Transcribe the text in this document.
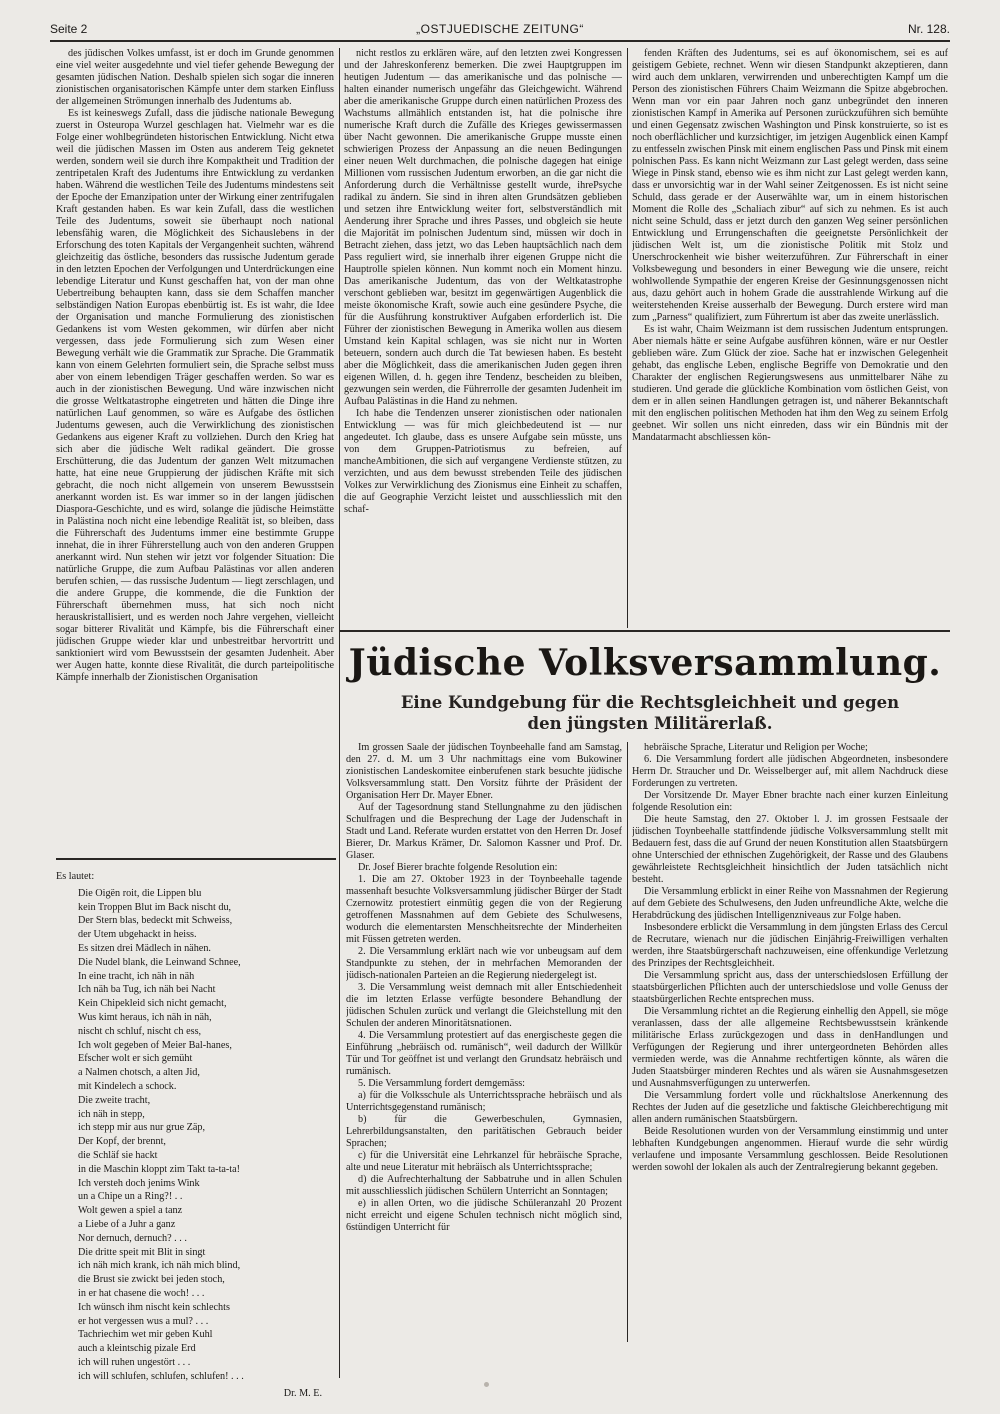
Seite 2	„OSTJUEDISCHE ZEITUNG“	Nr. 128.

des jüdischen Volkes umfasst, ist er doch im Grunde genommen eine viel weiter ausgedehnte und viel tiefer gehende Bewegung der gesamten jüdischen Nation. Deshalb spielen sich sogar die inneren zionistischen organisatorischen Kämpfe unter dem starken Einfluss der allgemeinen Strömungen innerhalb des Judentums ab.

Es ist keineswegs Zufall, dass die jüdische nationale Bewegung zuerst in Osteuropa Wurzel geschlagen hat. Vielmehr war es die Folge einer wohlbegründeten historischen Entwicklung. Nicht etwa weil die jüdischen Massen im Osten aus anderem Teig geknetet werden, sondern weil sie durch ihre Kompaktheit und Tradition der zentripetalen Kraft des Judentums ihre Entwicklung zu verdanken haben. Während die westlichen Teile des Judentums mindestens seit der Epoche der Emanzipation unter der Wirkung einer zentrifugalen Kraft gestanden haben. Es war kein Zufall, dass die westlichen Teile des Judentums, soweit sie überhaupt noch national lebensfähig waren, die Möglichkeit des Sichauslebens in der Erforschung des toten Kapitals der Vergangenheit suchten, während gleichzeitig das östliche, besonders das russische Judentum gerade in den letzten Epochen der Verfolgungen und Unterdrückungen eine lebendige Literatur und Kunst geschaffen hat, von der man ohne Uebertreibung behaupten kann, dass sie dem Schaffen mancher selbständigen Nation Europas ebenbürtig ist. Es ist wahr, die Idee der Organisation und manche Formulierung des zionistischen Gedankens ist vom Westen gekommen, wir dürfen aber nicht vergessen, dass jede Formulierung sich zum Wesen einer Bewegung verhält wie die Grammatik zur Sprache. Die Grammatik kann von einem Gelehrten formuliert sein, die Sprache selbst muss aber von einem lebendigen Träger geschaffen werden. So war es auch in der zionistischen Bewegung. Und wäre inzwischen nicht die grosse Weltkatastrophe eingetreten und hätten die Dinge ihre natürlichen Lauf genommen, so wäre es Aufgabe des östlichen Judentums gewesen, auch die Verwirklichung des zionistischen Gedankens aus eigener Kraft zu vollziehen. Durch den Krieg hat sich aber die jüdische Welt radikal geändert. Die grosse Erschütterung, die das Judentum der ganzen Welt mitzumachen hatte, hat eine neue Gruppierung der jüdischen Kräfte mit sich gebracht, die noch nicht allgemein von unserem Bewusstsein anerkannt worden ist. Es war immer so in der langen jüdischen Diaspora-Geschichte, und es wird, solange die jüdische Heimstätte in Palästina noch nicht eine lebendige Realität ist, so bleiben, dass die Führerschaft des Judentums immer eine bestimmte Gruppe innehat, die in ihrer Führerstellung auch von den anderen Gruppen anerkannt wird. Nun stehen wir jetzt vor folgender Situation: Die natürliche Gruppe, die zum Aufbau Palästinas vor allen anderen berufen schien, — das russische Judentum — liegt zerschlagen, und die andere Gruppe, die kommende, die die Funktion der Führerschaft übernehmen muss, hat sich noch nicht herauskristallisiert, und es werden noch Jahre vergehen, vielleicht sogar bitterer Rivalität und Kämpfe, bis die Führerschaft einer jüdischen Gruppe wieder klar und unbestreitbar hervortritt und sanktioniert wird vom Bewusstsein der gesamten Judenheit. Aber wer Augen hatte, konnte diese Rivalität, die durch parteipolitische Kämpfe innerhalb der Zionistischen Organisation

nicht restlos zu erklären wäre, auf den letzten zwei Kongressen und der Jahreskonferenz bemerken. Die zwei Hauptgruppen im heutigen Judentum — das amerikanische und das polnische — halten einander numerisch ungefähr das Gleichgewicht. Während aber die amerikanische Gruppe durch einen natürlichen Prozess des Wachstums allmählich entstanden ist, hat die polnische ihre numerische Kraft durch die Zufälle des Krieges gewissermassen über Nacht gewonnen. Die amerikanische Gruppe musste einen schwierigen Prozess der Anpassung an die neuen Bedingungen einer neuen Welt durchmachen, die polnische dagegen hat einige Millionen vom russischen Judentum erworben, an die gar nicht die Anforderung durch die Verhältnisse gestellt wurde, ihrePsyche radikal zu ändern. Sie sind in ihren alten Grundsätzen geblieben und setzen ihre Entwicklung weiter fort, selbstverständlich mit Aenderung ihrer Sprache und ihres Passes, und obgleich sie heute die Majorität im polnischen Judentum sind, müssen wir doch in Betracht ziehen, dass jetzt, wo das Leben hauptsächlich nach dem Pass reguliert wird, sie innerhalb ihrer eigenen Gruppe nicht die Hauptrolle spielen können. Nun kommt noch ein Moment hinzu. Das amerikanische Judentum, das von der Weltkatastrophe verschont geblieben war, besitzt im gegenwärtigen Augenblick die meiste ökonomische Kraft, sowie auch eine gesündere Psyche, die für die Ausführung konstruktiver Aufgaben erforderlich ist. Die Führer der zionistischen Bewegung in Amerika wollen aus diesem Umstand kein Kapital schlagen, was sie nicht nur in Worten beteuern, sondern auch durch die Tat bewiesen haben. Es besteht aber die Möglichkeit, dass die amerikanischen Juden gegen ihren eigenen Willen, d. h. gegen ihre Tendenz, bescheiden zu bleiben, gezwungen sein werden, die Führerrolle der gesamten Judenheit im Aufbau Palästinas in die Hand zu nehmen.

Ich habe die Tendenzen unserer zionistischen oder nationalen Entwicklung — was für mich gleichbedeutend ist — nur angedeutet. Ich glaube, dass es unsere Aufgabe sein müsste, uns von dem Gruppen-Patriotismus zu befreien, auf mancheAmbitionen, die sich auf vergangene Verdienste stützen, zu verzichten, und aus dem bewusst strebenden Teile des jüdischen Volkes zur Verwirklichung des Zionismus eine Einheit zu schaffen, die auf Geographie Verzicht leistet und ausschliesslich mit den schaf-

fenden Kräften des Judentums, sei es auf ökonomischem, sei es auf geistigem Gebiete, rechnet. Wenn wir diesen Standpunkt akzeptieren, dann wird auch dem unklaren, verwirrenden und unberechtigten Kampf um die Person des zionistischen Führers Chaim Weizmann die Spitze abgebrochen. Wenn man vor ein paar Jahren noch ganz unbegründet den inneren zionistischen Kampf in Amerika auf Personen zurückzuführen sich bemühte und einen Gegensatz zwischen Washington und Pinsk konstruierte, so ist es noch oberflächlicher und kurzsichtiger, im jetzigen Augenblick einen Kampf zu entfesseln zwischen Pinsk mit einem englischen Pass und Pinsk mit einem polnischen Pass. Es kann nicht Weizmann zur Last gelegt werden, dass seine Wiege in Pinsk stand, ebenso wie es ihm nicht zur Last gelegt werden kann, dass er unvorsichtig war in der Wahl seiner Zeitgenossen. Es ist nicht seine Schuld, dass gerade er der Auserwählte war, um in einem historischen Moment die Rolle des „Schaliach zibur“ auf sich zu nehmen. Es ist auch nicht seine Schuld, dass er jetzt durch den ganzen Weg seiner persönlichen Entwicklung und Errungenschaften die geeignetste Persönlichkeit der jüdischen Welt ist, um die zionistische Politik mit Stolz und Unerschrockenheit wie bisher weiterzuführen. Zur Führerschaft in einer Volksbewegung und besonders in einer Bewegung wie die unsere, reicht wohlwollende Sympathie der engeren Kreise der Gesinnungsgenossen nicht aus, dazu gehört auch in hohem Grade die ausstrahlende Wirkung auf die weiterstehenden Kreise ausserhalb der Bewegung. Durch erstere wird man zum „Parness“ qualifiziert, zum Führertum ist aber das zweite unerlässlich.

Es ist wahr, Chaim Weizmann ist dem russischen Judentum entsprungen. Aber niemals hätte er seine Aufgabe ausführen können, wäre er nur Oestler geblieben wäre. Zum Glück der zioe. Sache hat er inzwischen Gelegenheit gehabt, das englische Leben, englische Begriffe von Demokratie und den Charakter der englischen Regierungswesens aus unmittelbarer Nähe zu studieren. Und gerade die glückliche Kombination vom östlichen Geist, von dem er in allen seinen Handlungen getragen ist, und näherer Bekanntschaft mit den englischen politischen Methoden hat ihm den Weg zu seinem Erfolg geebnet. Wir sollen uns nicht einreden, dass wir ein Bündnis mit der Mandatarmacht abschliessen kön-

Es lautet:
Die Oigën roit, die Lippen blu
kein Troppen Blut im Back nischt du,
Der Stern blas, bedeckt mit Schweiss,
der Utem ubgehackt in heiss.
Es sitzen drei Mädlech in nähen.
Die Nudel blank, die Leinwand Schnee,
In eine tracht, ich näh in näh
Ich näh ba Tug, ich näh bei Nacht
Kein Chipekleid sich nicht gemacht,
Wus kimt heraus, ich näh in näh,
nischt ch schluf, nischt ch ess,
Ich wolt gegeben of Meier Bal-hanes,
Efscher wolt er sich gemüht
a Nalmen chotsch, a alten Jid,
mit Kindelech a schock.
Die zweite tracht,
ich näh in stepp,
ich stepp mir aus nur grue Zäp,
Der Kopf, der brennt,
die Schläf sie hackt
in die Maschin kloppt zim Takt ta-ta-ta!
Ich versteh doch jenims Wink
un a Chipe un a Ring?! . .
Wolt gewen a spiel a tanz
a Liebe of a Juhr a ganz
Nor dernuch, dernuch? . . .
Die dritte speit mit Blit in singt
ich näh mich krank, ich näh mich blind,
die Brust sie zwickt bei jeden stoch,
in er hat chasene die woch! . . .
Ich wünsch ihm nischt kein schlechts
er hot vergessen wus a mul? . . .
Tachriechim wet mir geben Kuhl
auch a kleintschig pizale Erd
ich will ruhen ungestört . . .
ich will schlufen, schlufen, schlufen! . . .
Dr. M. E.
Jüdische Volksversammlung.
Eine Kundgebung für die Rechtsgleichheit und gegen
den jüngsten Militärerlaß.

Im grossen Saale der jüdischen Toynbeehalle fand am Samstag, den 27. d. M. um 3 Uhr nachmittags eine vom Bukowiner zionistischen Landeskomitee einberufenen stark besuchte jüdische Volksversammlung statt. Den Vorsitz führte der Präsident der Organisation Herr Dr. Mayer Ebner.

Auf der Tagesordnung stand Stellungnahme zu den jüdischen Schulfragen und die Besprechung der Lage der Judenschaft in Stadt und Land. Referate wurden erstattet von den Herren Dr. Josef Bierer, Dr. Markus Krämer, Dr. Salomon Kassner und Prof. Dr. Glaser.

Dr. Josef Bierer brachte folgende Resolution ein:

1. Die am 27. Oktober 1923 in der Toynbeehalle tagende massenhaft besuchte Volksversammlung jüdischer Bürger der Stadt Czernowitz protestiert einmütig gegen die von der Regierung getroffenen Massnahmen auf dem Gebiete des Schulwesens, wodurch die elementarsten Menschheitsrechte der Minderheiten mit Füssen getreten werden.

2. Die Versammlung erklärt nach wie vor unbeugsam auf dem Standpunkte zu stehen, der in mehrfachen Memoranden der jüdisch-nationalen Parteien an die Regierung niedergelegt ist.

3. Die Versammlung weist demnach mit aller Entschiedenheit die im letzten Erlasse verfügte besondere Behandlung der jüdischen Schulen zurück und verlangt die Gleichstellung mit den Schulen der anderen Minoritätsnationen.

4. Die Versammlung protestiert auf das energischeste gegen die Einführung „hebräisch od. rumänisch“, weil dadurch der Willkür Tür und Tor geöffnet ist und verlangt den Grundsatz hebräisch und rumänisch.

5. Die Versammlung fordert demgemäss:

a) für die Volksschule als Unterrichtssprache hebräisch und als Unterrichtsgegenstand rumänisch;

b) für die Gewerbeschulen, Gymnasien, Lehrerbildungsanstalten, den paritätischen Gebrauch beider Sprachen;

c) für die Universität eine Lehrkanzel für hebräische Sprache, alte und neue Literatur mit hebräisch als Unterrichtssprache;

d) die Aufrechterhaltung der Sabbatruhe und in allen Schulen mit ausschliesslich jüdischen Schülern Unterricht an Sonntagen;

e) in allen Orten, wo die jüdische Schüleranzahl 20 Prozent nicht erreicht und eigene Schulen technisch nicht möglich sind, 6stündigen Unterricht für

hebräische Sprache, Literatur und Religion per Woche;

6. Die Versammlung fordert alle jüdischen Abgeordneten, insbesondere Herrn Dr. Straucher und Dr. Weisselberger auf, mit allem Nachdruck diese Forderungen zu vertreten.

Der Vorsitzende Dr. Mayer Ebner brachte nach einer kurzen Einleitung folgende Resolution ein:

Die heute Samstag, den 27. Oktober l. J. im grossen Festsaale der jüdischen Toynbeehalle stattfindende jüdische Volksversammlung stellt mit Bedauern fest, dass die auf Grund der neuen Konstitution allen Staatsbürgern ohne Unterschied der ethnischen Zugehörigkeit, der Rasse und des Glaubens gewährleistete Rechtsgleichheit hinsichtlich der Juden tatsächlich nicht besteht.

Die Versammlung erblickt in einer Reihe von Massnahmen der Regierung auf dem Gebiete des Schulwesens, den Juden unfreundliche Akte, welche die Herabdrückung des jüdischen Intelligenzniveaus zur Folge haben.

Insbesondere erblickt die Versammlung in dem jüngsten Erlass des Cercul de Recrutare, wienach nur die jüdischen Einjährig-Freiwilligen verhalten werden, ihre Staatsbürgerschaft nachzuweisen, eine offenkundige Verletzung des Prinzipes der Rechtsgleichheit.

Die Versammlung spricht aus, dass der unterschiedslosen Erfüllung der staatsbürgerlichen Pflichten auch der unterschiedslose und volle Genuss der staatsbürgerlichen Rechte entsprechen muss.

Die Versammlung richtet an die Regierung einhellig den Appell, sie möge veranlassen, dass der alle allgemeine Rechtsbewusstsein kränkende militärische Erlass zurückgezogen und dass in denHandlungen und Verfügungen der Regierung und ihrer untergeordneten Behörden alles vermieden werde, was die Annahme rechtfertigen könnte, als wären die Juden Staatsbürger minderen Rechtes und als wären sie Ausnahmsgesetzen und Ausnahmsverfügungen zu unterwerfen.

Die Versammlung fordert volle und rückhaltslose Anerkennung des Rechtes der Juden auf die gesetzliche und faktische Gleichberechtigung mit allen andern rumänischen Staatsbürgern.

Beide Resolutionen wurden von der Versammlung einstimmig und unter lebhaften Kundgebungen angenommen. Hierauf wurde die sehr würdig verlaufene und imposante Versammlung geschlossen. Beide Resolutionen werden sowohl der lokalen als auch der Zentralregierung bekannt gegeben.
